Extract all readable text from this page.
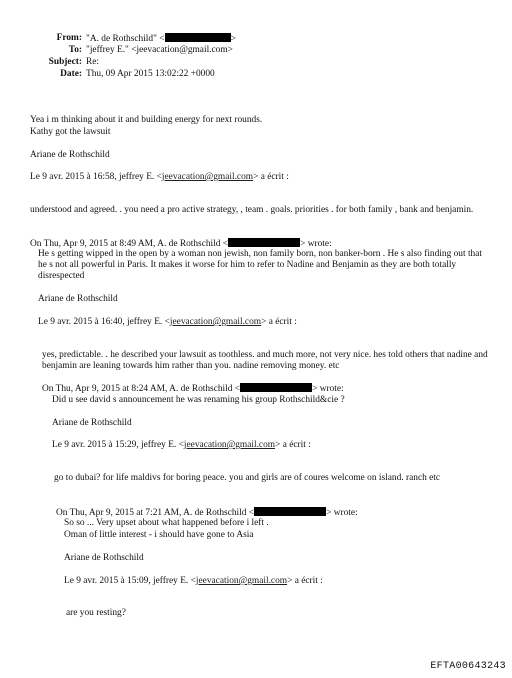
From: "A. de Rothschild" <	>
To: "jeffrey E." <jeevacation@gmail.com>
Subject: Re:
Date: Thu, 09 Apr 2015 13:02:22 +0000
Yea i m thinking about it and building energy for next rounds.
Kathy got the lawsuit
Ariane de Rothschild
Le 9 avr. 2015 à 16:58, jeffrey E. <jeevacation@gmail.com> a écrit :
understood and agreed. . you need a pro active strategy, , team . goals. priorities . for both family , bank and benjamin.
On Thu, Apr 9, 2015 at 8:49 AM, A. de Rothschild <	> wrote:
He s getting wipped in the open by a woman non jewish, non family born, non banker-born . He s also finding out that he s not all powerful in Paris. It makes it worse for him to refer to Nadine and Benjamin as they are both totally disrespected
Ariane de Rothschild
Le 9 avr. 2015 à 16:40, jeffrey E. <jeevacation@gmail.com> a écrit :
yes, predictable. . he described your lawsuit as toothless. and much more, not very nice. hes told others that nadine and benjamin are leaning towards him rather than you. nadine removing money. etc
On Thu, Apr 9, 2015 at 8:24 AM, A. de Rothschild <	> wrote:
Did u see david s announcement he was renaming his group Rothschild&cie ?
Ariane de Rothschild
Le 9 avr. 2015 à 15:29, jeffrey E. <jeevacation@gmail.com> a écrit :
go to dubai? for life maldivs for boring peace. you and girls are of coures welcome on island. ranch etc
On Thu, Apr 9, 2015 at 7:21 AM, A. de Rothschild <	> wrote:
So so ... Very upset about what happened before i left .
Oman of little interest - i should have gone to Asia
Ariane de Rothschild
Le 9 avr. 2015 à 15:09, jeffrey E. <jeevacation@gmail.com> a écrit :
are you resting?
EFTA00643243
